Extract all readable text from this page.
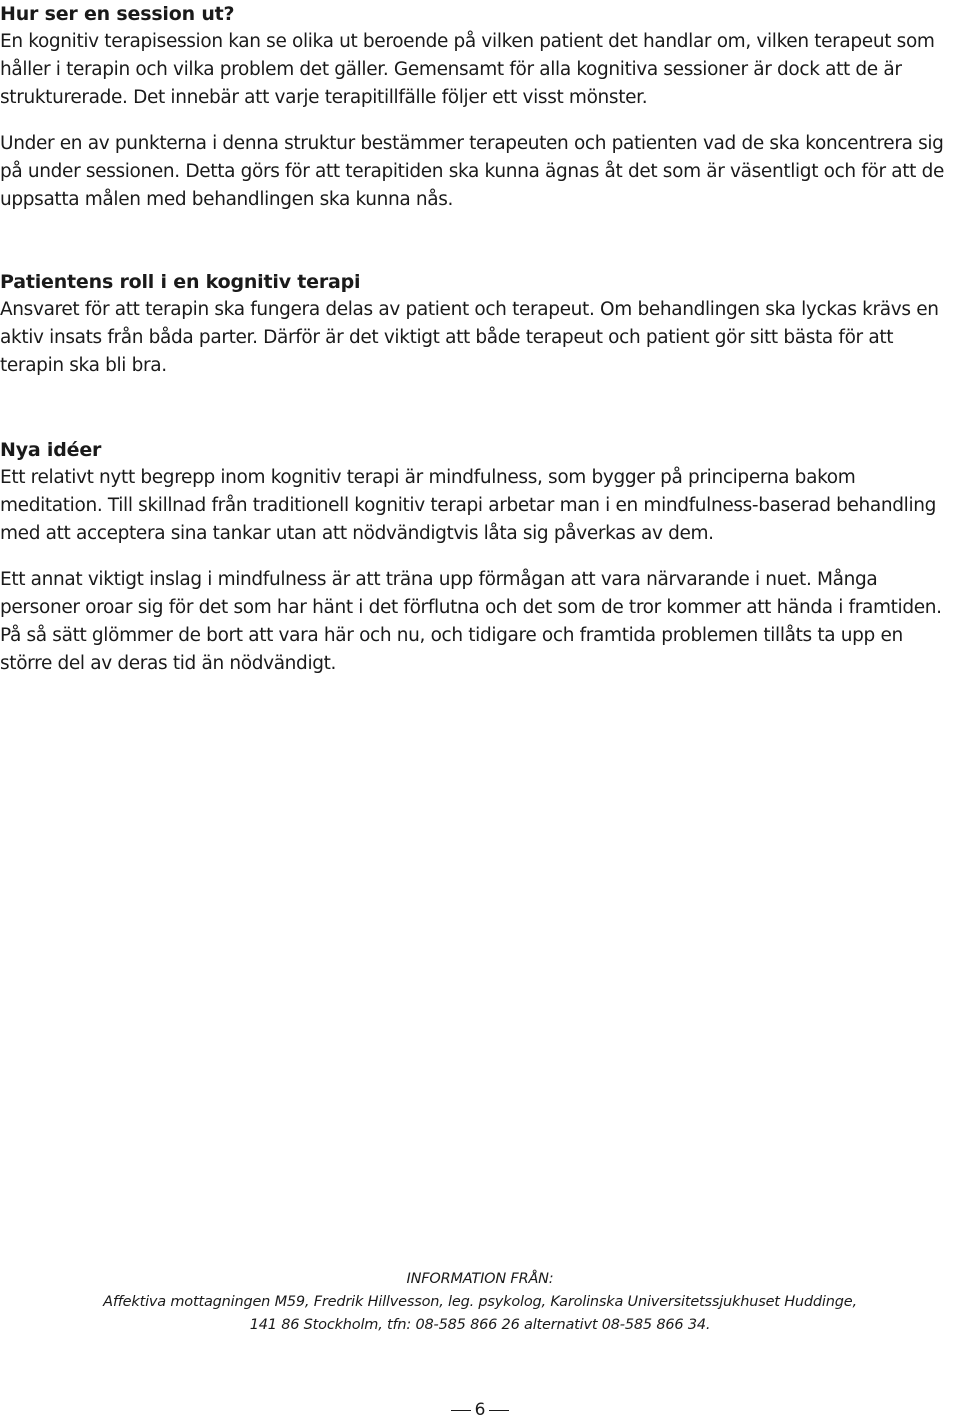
Hur ser en session ut?

En kognitiv terapisession kan se olika ut beroende på vilken patient det handlar om, vilken terapeut som håller i terapin och vilka problem det gäller. Gemensamt för alla kognitiva sessioner är dock att de är strukturerade. Det innebär att varje terapitillfälle följer ett visst mönster.

Under en av punkterna i denna struktur bestämmer terapeuten och patienten vad de ska koncentrera sig på under sessionen. Detta görs för att terapitiden ska kunna ägnas åt det som är väsentligt och för att de uppsatta målen med behandlingen ska kunna nås.

Patientens roll i en kognitiv terapi

Ansvaret för att terapin ska fungera delas av patient och terapeut. Om behandlingen ska lyckas krävs en aktiv insats från båda parter. Därför är det viktigt att både terapeut och patient gör sitt bästa för att terapin ska bli bra.

Nya idéer

Ett relativt nytt begrepp inom kognitiv terapi är mindfulness, som bygger på principerna bakom meditation. Till skillnad från traditionell kognitiv terapi arbetar man i en mindfulness-baserad behandling med att acceptera sina tankar utan att nödvändigtvis låta sig påverkas av dem.

Ett annat viktigt inslag i mindfulness är att träna upp förmågan att vara närvarande i nuet. Många personer oroar sig för det som har hänt i det förflutna och det som de tror kommer att hända i framtiden. På så sätt glömmer de bort att vara här och nu, och tidigare och framtida problemen tillåts ta upp en större del av deras tid än nödvändigt.

INFORMATION FRÅN:
Affektiva mottagningen M59, Fredrik Hillvesson, leg. psykolog, Karolinska Universitetssjukhuset Huddinge,
141 86 Stockholm, tfn: 08-585 866 26 alternativt 08-585 866 34.
6
